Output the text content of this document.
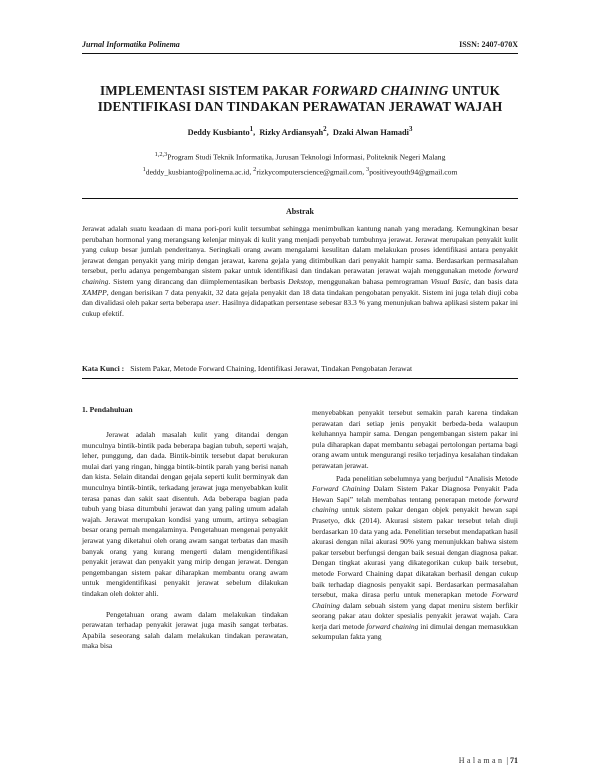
Jurnal Informatika Polinema	ISSN: 2407-070X
IMPLEMENTASI SISTEM PAKAR FORWARD CHAINING UNTUK IDENTIFIKASI DAN TINDAKAN PERAWATAN JERAWAT WAJAH
Deddy Kusbianto$^1$,  Rizky Ardiansyah$^2$,  Dzaki Alwan Hamadi$^3$
$^{1,2,3}$Program Studi Teknik Informatika, Jurusan Teknologi Informasi, Politeknik Negeri Malang
$^1$deddy_kusbianto@polinema.ac.id, $^2$rizkycomputerscience@gmail.com, $^3$positiveyouth94@gmail.com
Abstrak

Jerawat adalah suatu keadaan di mana pori-pori kulit tersumbat sehingga menimbulkan kantung nanah yang meradang. Kemungkinan besar perubahan hormonal yang merangsang kelenjar minyak di kulit yang menjadi penyebab tumbuhnya jerawat. Jerawat merupakan penyakit kulit yang cukup besar jumlah penderitanya. Seringkali orang awam mengalami kesulitan dalam melakukan proses identifikasi antara penyakit jerawat dengan penyakit yang mirip dengan jerawat, karena gejala yang ditimbulkan dari penyakit hampir sama. Berdasarkan permasalahan tersebut, perlu adanya pengembangan sistem pakar untuk identifikasi dan tindakan perawatan jerawat wajah menggunakan metode forward chaining. Sistem yang dirancang dan diimplementasikan berbasis Dekstop, menggunakan bahasa pemrograman Visual Basic, dan basis data XAMPP, dengan berisikan 7 data penyakit, 32 data gejala penyakit dan 18 data tindakan pengobatan penyakit. Sistem ini juga telah diuji coba dan divalidasi oleh pakar serta beberapa user. Hasilnya didapatkan persentase sebesar 83.3 % yang menunjukan bahwa aplikasi sistem pakar ini cukup efektif.

Kata Kunci : Sistem Pakar, Metode Forward Chaining, Identifikasi Jerawat, Tindakan Pengobatan Jerawat
1. Pendahuluan

Jerawat adalah masalah kulit yang ditandai dengan munculnya bintik-bintik pada beberapa bagian tubuh, seperti wajah, leher, punggung, dan dada. Bintik-bintik tersebut dapat berukuran mulai dari yang ringan, hingga bintik-bintik parah yang berisi nanah dan kista. Selain ditandai dengan gejala seperti kulit berminyak dan munculnya bintik-bintik, terkadang jerawat juga menyebabkan kulit terasa panas dan sakit saat disentuh. Ada beberapa bagian pada tubuh yang biasa ditumbuhi jerawat dan yang paling umum adalah wajah. Jerawat merupakan kondisi yang umum, artinya sebagian besar orang pernah mengalaminya. Pengetahuan mengenai penyakit jerawat yang diketahui oleh orang awam sangat terbatas dan masih banyak orang yang kurang mengerti dalam mengidentifikasi penyakit jerawat dan penyakit yang mirip dengan jerawat. Dengan pengembangan sistem pakar diharapkan membantu orang awam untuk mengidentifikasi penyakit jerawat sebelum dilakukan tindakan oleh dokter ahli.

Pengetahuan orang awam dalam melakukan tindakan perawatan terhadap penyakit jerawat juga masih sangat terbatas. Apabila seseorang salah dalam melakukan tindakan perawatan, maka bisa

menyebabkan penyakit tersebut semakin parah karena tindakan perawatan dari setiap jenis penyakit berbeda-beda walaupun keluhannya hampir sama. Dengan pengembangan sistem pakar ini pula diharapkan dapat membantu sebagai pertolongan pertama bagi orang awam untuk mengurangi resiko terjadinya kesalahan tindakan perawatan jerawat.

Pada penelitian sebelumnya yang berjudul “Analisis Metode Forward Chaining Dalam Sistem Pakar Diagnosa Penyakit Pada Hewan Sapi” telah membahas tentang penerapan metode forward chaining untuk sistem pakar dengan objek penyakit hewan sapi Prasetyo, dkk (2014). Akurasi sistem pakar tersebut telah diuji berdasarkan 10 data yang ada. Penelitian tersebut mendapatkan hasil akurasi dengan nilai akurasi 90% yang menunjukkan bahwa sistem pakar tersebut berfungsi dengan baik sesuai dengan diagnosa pakar. Dengan tingkat akurasi yang dikategorikan cukup baik tersebut, metode Forward Chaining dapat dikatakan berhasil dengan cukup baik terhadap diagnosis penyakit sapi. Berdasarkan permasalahan tersebut, maka dirasa perlu untuk menerapkan metode Forward Chaining dalam sebuah sistem yang dapat meniru sistem berfikir seorang pakar atau dokter spesialis penyakit jerawat wajah. Cara kerja dari metode forward chaining ini dimulai dengan memasukkan sekumpulan fakta yang

Halaman | 71
